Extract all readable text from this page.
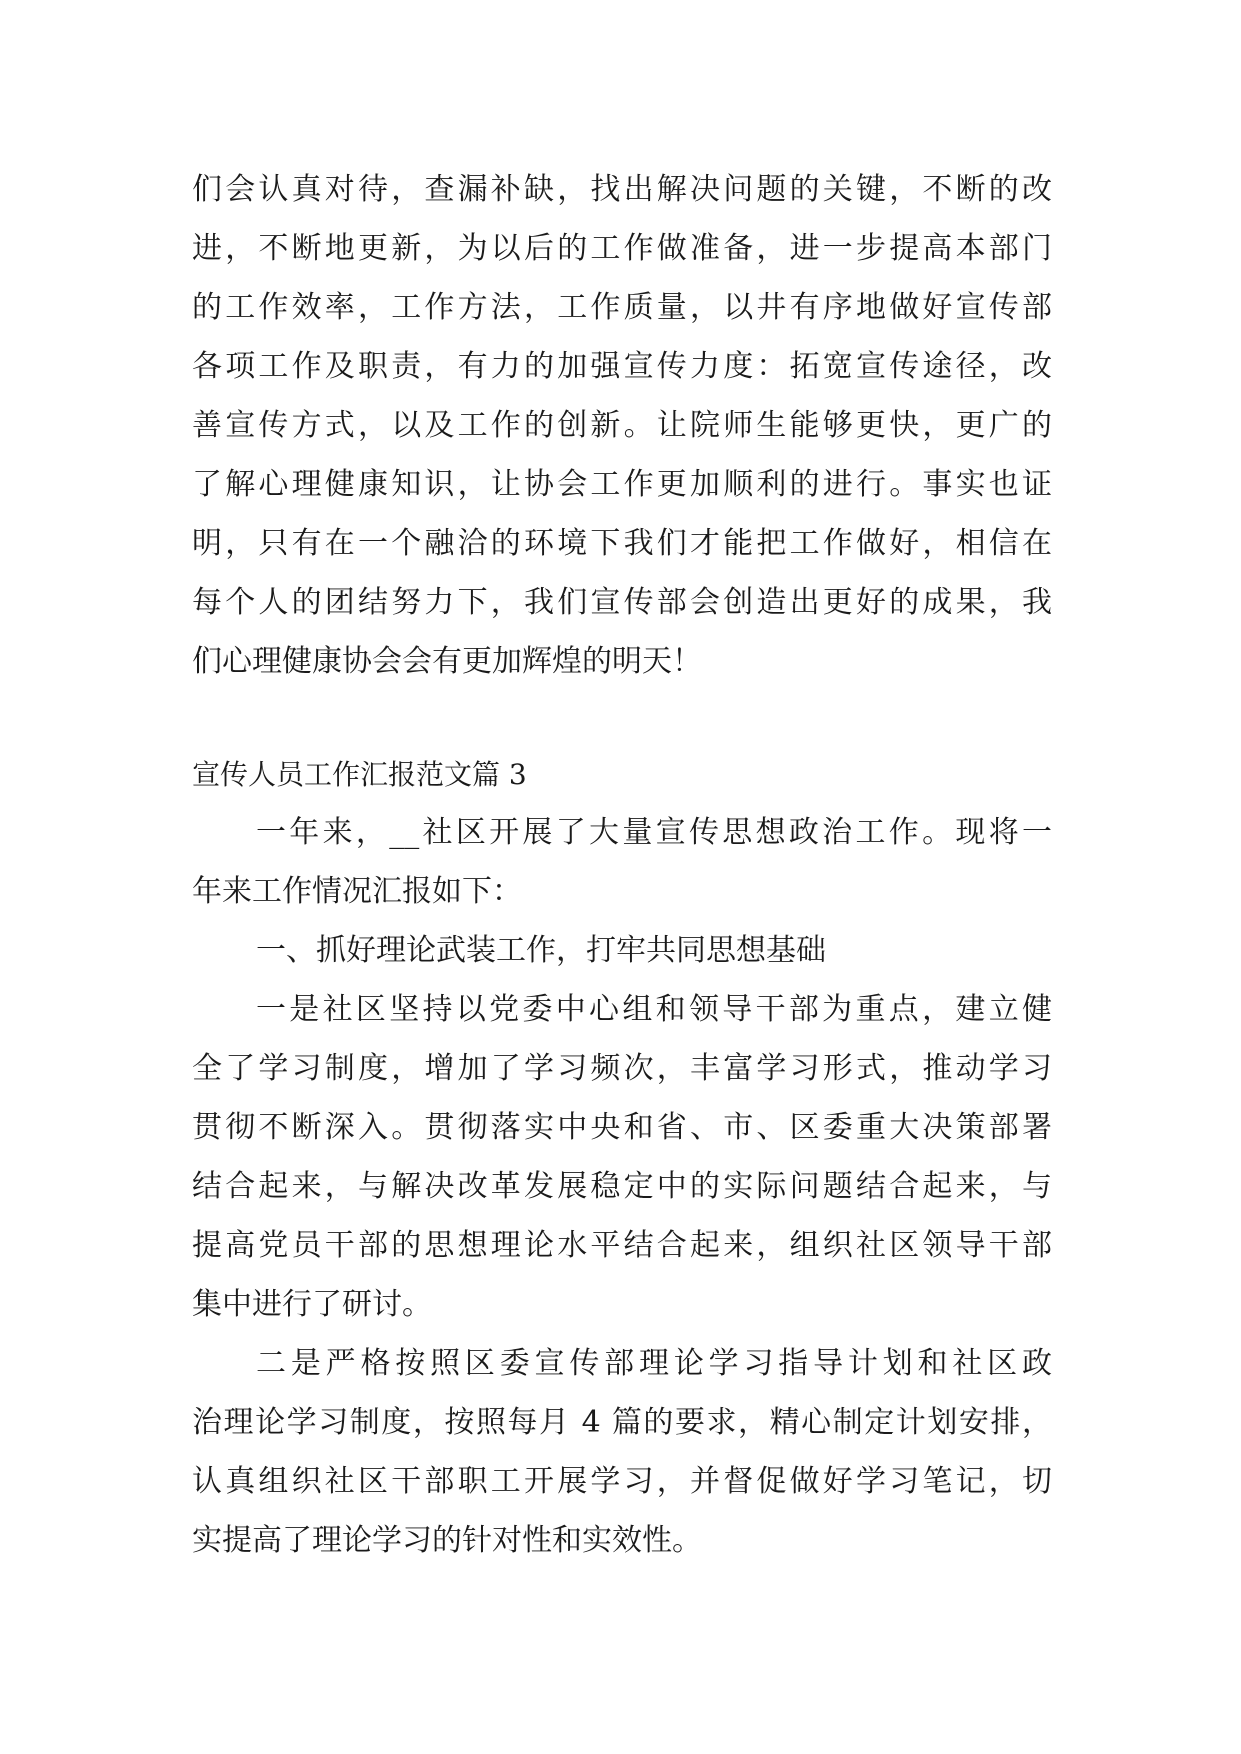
们会认真对待，查漏补缺，找出解决问题的关键，不断的改
进，不断地更新，为以后的工作做准备，进一步提高本部门
的工作效率，工作方法，工作质量，以井有序地做好宣传部
各项工作及职责，有力的加强宣传力度：拓宽宣传途径，改
善宣传方式，以及工作的创新。让院师生能够更快，更广的
了解心理健康知识，让协会工作更加顺利的进行。事实也证
明，只有在一个融洽的环境下我们才能把工作做好，相信在
每个人的团结努力下，我们宣传部会创造出更好的成果，我
们心理健康协会会有更加辉煌的明天！
宣传人员工作汇报范文篇 3
一年来，__社区开展了大量宣传思想政治工作。现将一
年来工作情况汇报如下：
一、抓好理论武装工作，打牢共同思想基础
一是社区坚持以党委中心组和领导干部为重点，建立健
全了学习制度，增加了学习频次，丰富学习形式，推动学习
贯彻不断深入。贯彻落实中央和省、市、区委重大决策部署
结合起来，与解决改革发展稳定中的实际问题结合起来，与
提高党员干部的思想理论水平结合起来，组织社区领导干部
集中进行了研讨。
二是严格按照区委宣传部理论学习指导计划和社区政
治理论学习制度，按照每月 4 篇的要求，精心制定计划安排，
认真组织社区干部职工开展学习，并督促做好学习笔记，切
实提高了理论学习的针对性和实效性。
